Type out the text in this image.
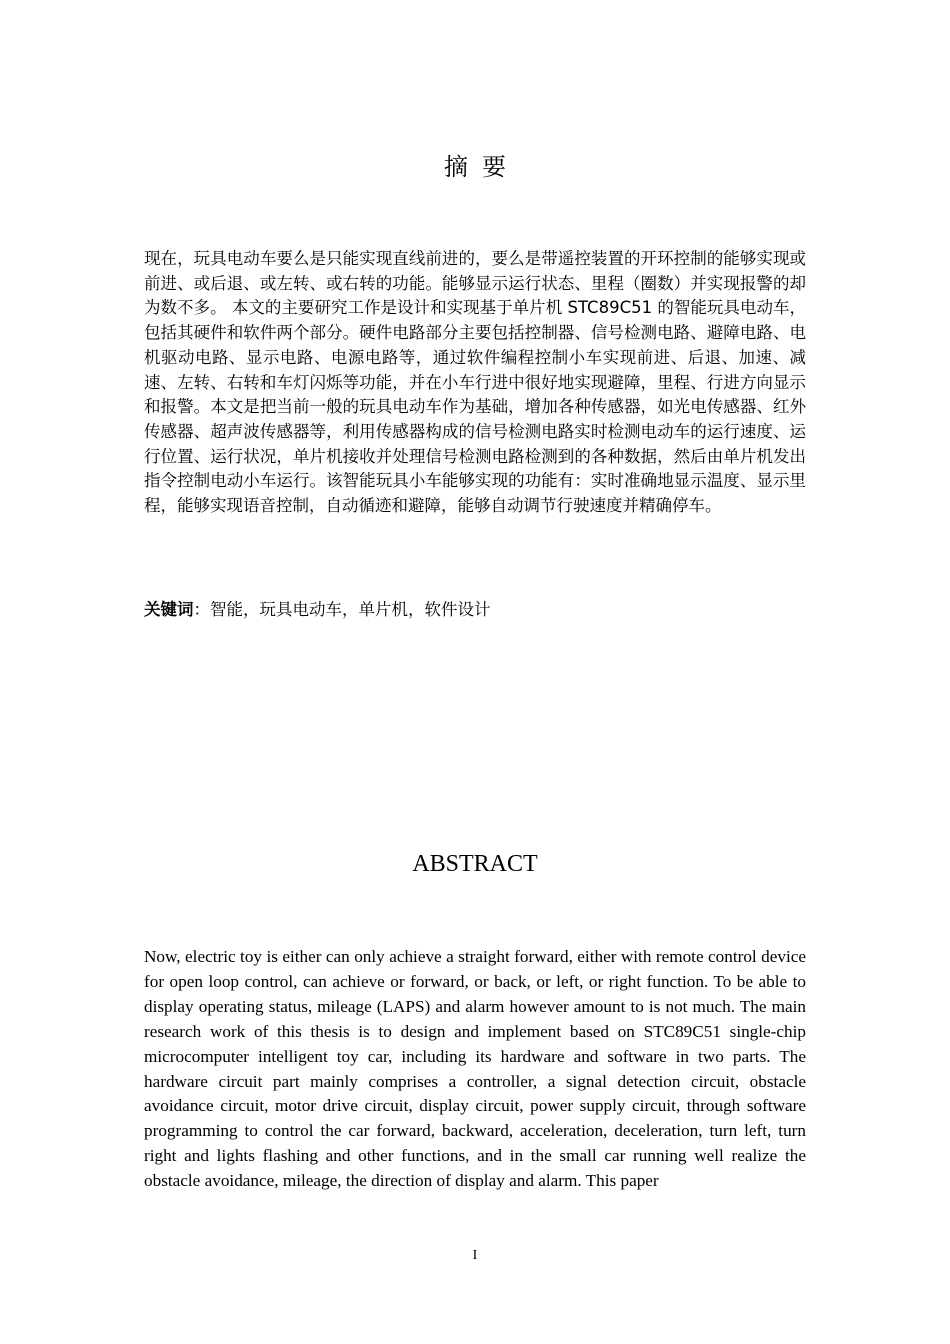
摘要

现在，玩具电动车要么是只能实现直线前进的，要么是带遥控装置的开环控制的能够实现或前进、或后退、或左转、或右转的功能。能够显示运行状态、里程（圈数）并实现报警的却为数不多。 本文的主要研究工作是设计和实现基于单片机 STC89C51 的智能玩具电动车，包括其硬件和软件两个部分。硬件电路部分主要包括控制器、信号检测电路、避障电路、电机驱动电路、显示电路、电源电路等，通过软件编程控制小车实现前进、后退、加速、减速、左转、右转和车灯闪烁等功能，并在小车行进中很好地实现避障，里程、行进方向显示和报警。本文是把当前一般的玩具电动车作为基础，增加各种传感器，如光电传感器、红外传感器、超声波传感器等，利用传感器构成的信号检测电路实时检测电动车的运行速度、运行位置、运行状况，单片机接收并处理信号检测电路检测到的各种数据，然后由单片机发出指令控制电动小车运行。该智能玩具小车能够实现的功能有：实时准确地显示温度、显示里程，能够实现语音控制，自动循迹和避障，能够自动调节行驶速度并精确停车。

关键词：智能，玩具电动车，单片机，软件设计

ABSTRACT

Now, electric toy is either can only achieve a straight forward, either with remote control device for open loop control, can achieve or forward, or back, or left, or right function. To be able to display operating status, mileage (LAPS) and alarm however amount to is not much. The main research work of this thesis is to design and implement based on STC89C51 single-chip microcomputer intelligent toy car, including its hardware and software in two parts. The hardware circuit part mainly comprises a controller, a signal detection circuit, obstacle avoidance circuit, motor drive circuit, display circuit, power supply circuit, through software programming to control the car forward, backward, acceleration, deceleration, turn left, turn right and lights flashing and other functions, and in the small car running well realize the obstacle avoidance, mileage, the direction of display and alarm. This paper

I
